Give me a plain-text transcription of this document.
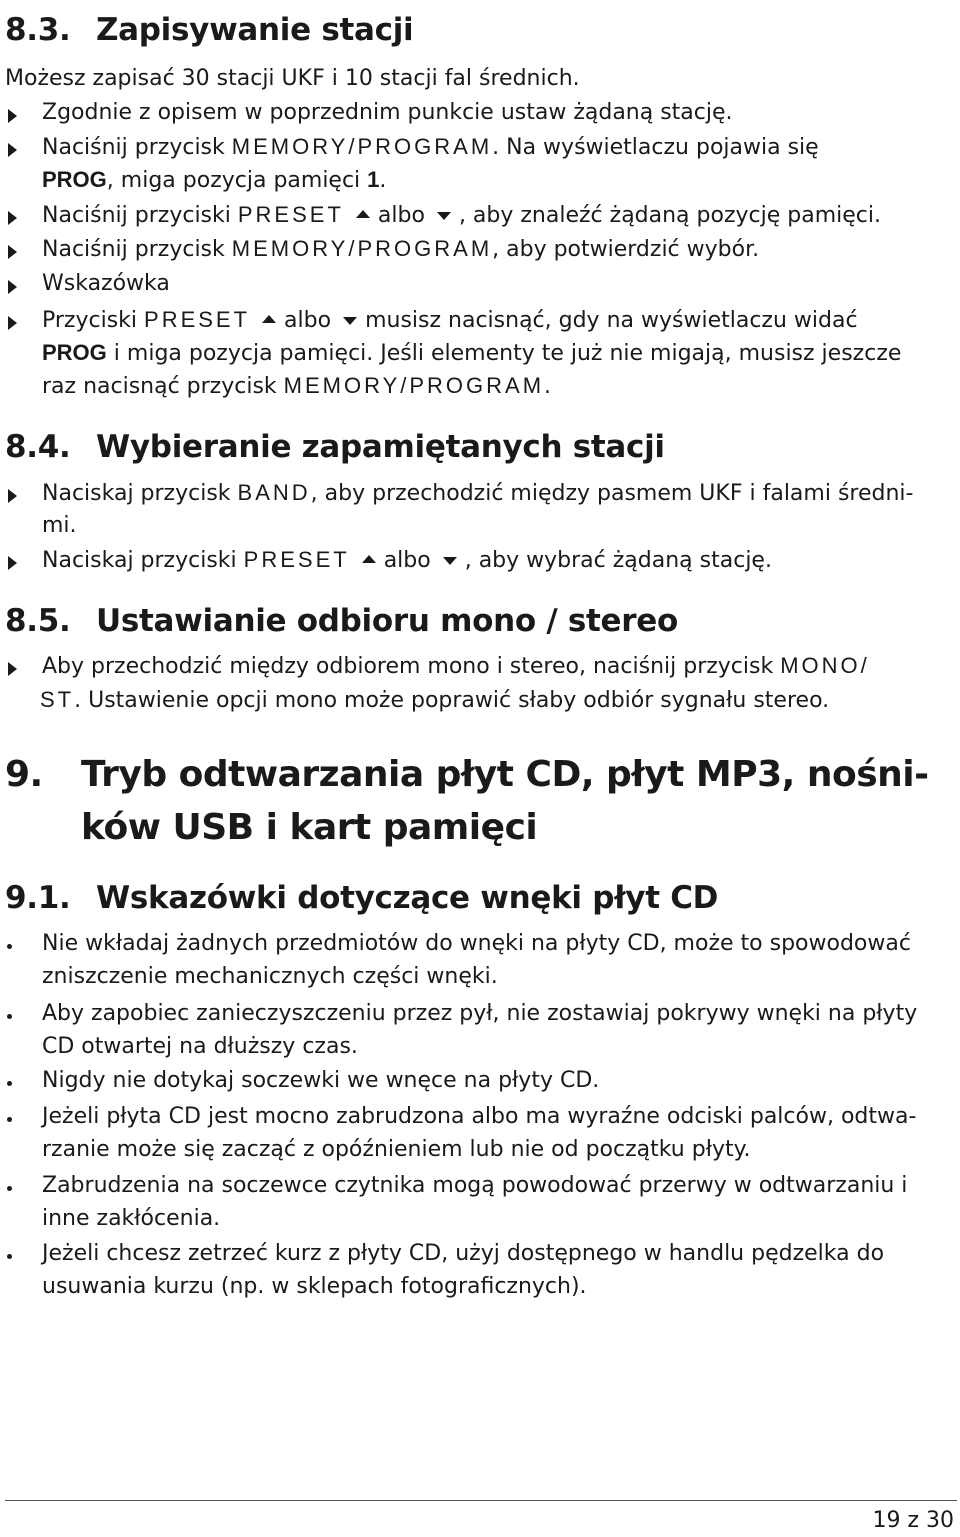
8.3. Zapisywanie stacji
Możesz zapisać 30 stacji UKF i 10 stacji fal średnich.
Zgodnie z opisem w poprzednim punkcie ustaw żądaną stację.
Naciśnij przycisk MEMORY/PROGRAM. Na wyświetlaczu pojawia się
PROG, miga pozycja pamięci 1.
Naciśnij przyciski PRESET albo , aby znaleźć żądaną pozycję pamięci.
Naciśnij przycisk MEMORY/PROGRAM, aby potwierdzić wybór.
Wskazówka
Przyciski PRESET albo musisz nacisnąć, gdy na wyświetlaczu widać
PROG i miga pozycja pamięci. Jeśli elementy te już nie migają, musisz jeszcze
raz nacisnąć przycisk MEMORY/PROGRAM.
8.4. Wybieranie zapamiętanych stacji
Naciskaj przycisk BAND, aby przechodzić między pasmem UKF i falami średni-
mi.
Naciskaj przyciski PRESET albo , aby wybrać żądaną stację.
8.5. Ustawianie odbioru mono / stereo
Aby przechodzić między odbiorem mono i stereo, naciśnij przycisk MONO/
ST. Ustawienie opcji mono może poprawić słaby odbiór sygnału stereo.
9. Tryb odtwarzania płyt CD, płyt MP3, nośni-
ków USB i kart pamięci
9.1. Wskazówki dotyczące wnęki płyt CD
Nie wkładaj żadnych przedmiotów do wnęki na płyty CD, może to spowodować
zniszczenie mechanicznych części wnęki.
Aby zapobiec zanieczyszczeniu przez pył, nie zostawiaj pokrywy wnęki na płyty
CD otwartej na dłuższy czas.
Nigdy nie dotykaj soczewki we wnęce na płyty CD.
Jeżeli płyta CD jest mocno zabrudzona albo ma wyraźne odciski palców, odtwa-
rzanie może się zacząć z opóźnieniem lub nie od początku płyty.
Zabrudzenia na soczewce czytnika mogą powodować przerwy w odtwarzaniu i
inne zakłócenia.
Jeżeli chcesz zetrzeć kurz z płyty CD, użyj dostępnego w handlu pędzelka do
usuwania kurzu (np. w sklepach fotograficznych).
19 z 30
